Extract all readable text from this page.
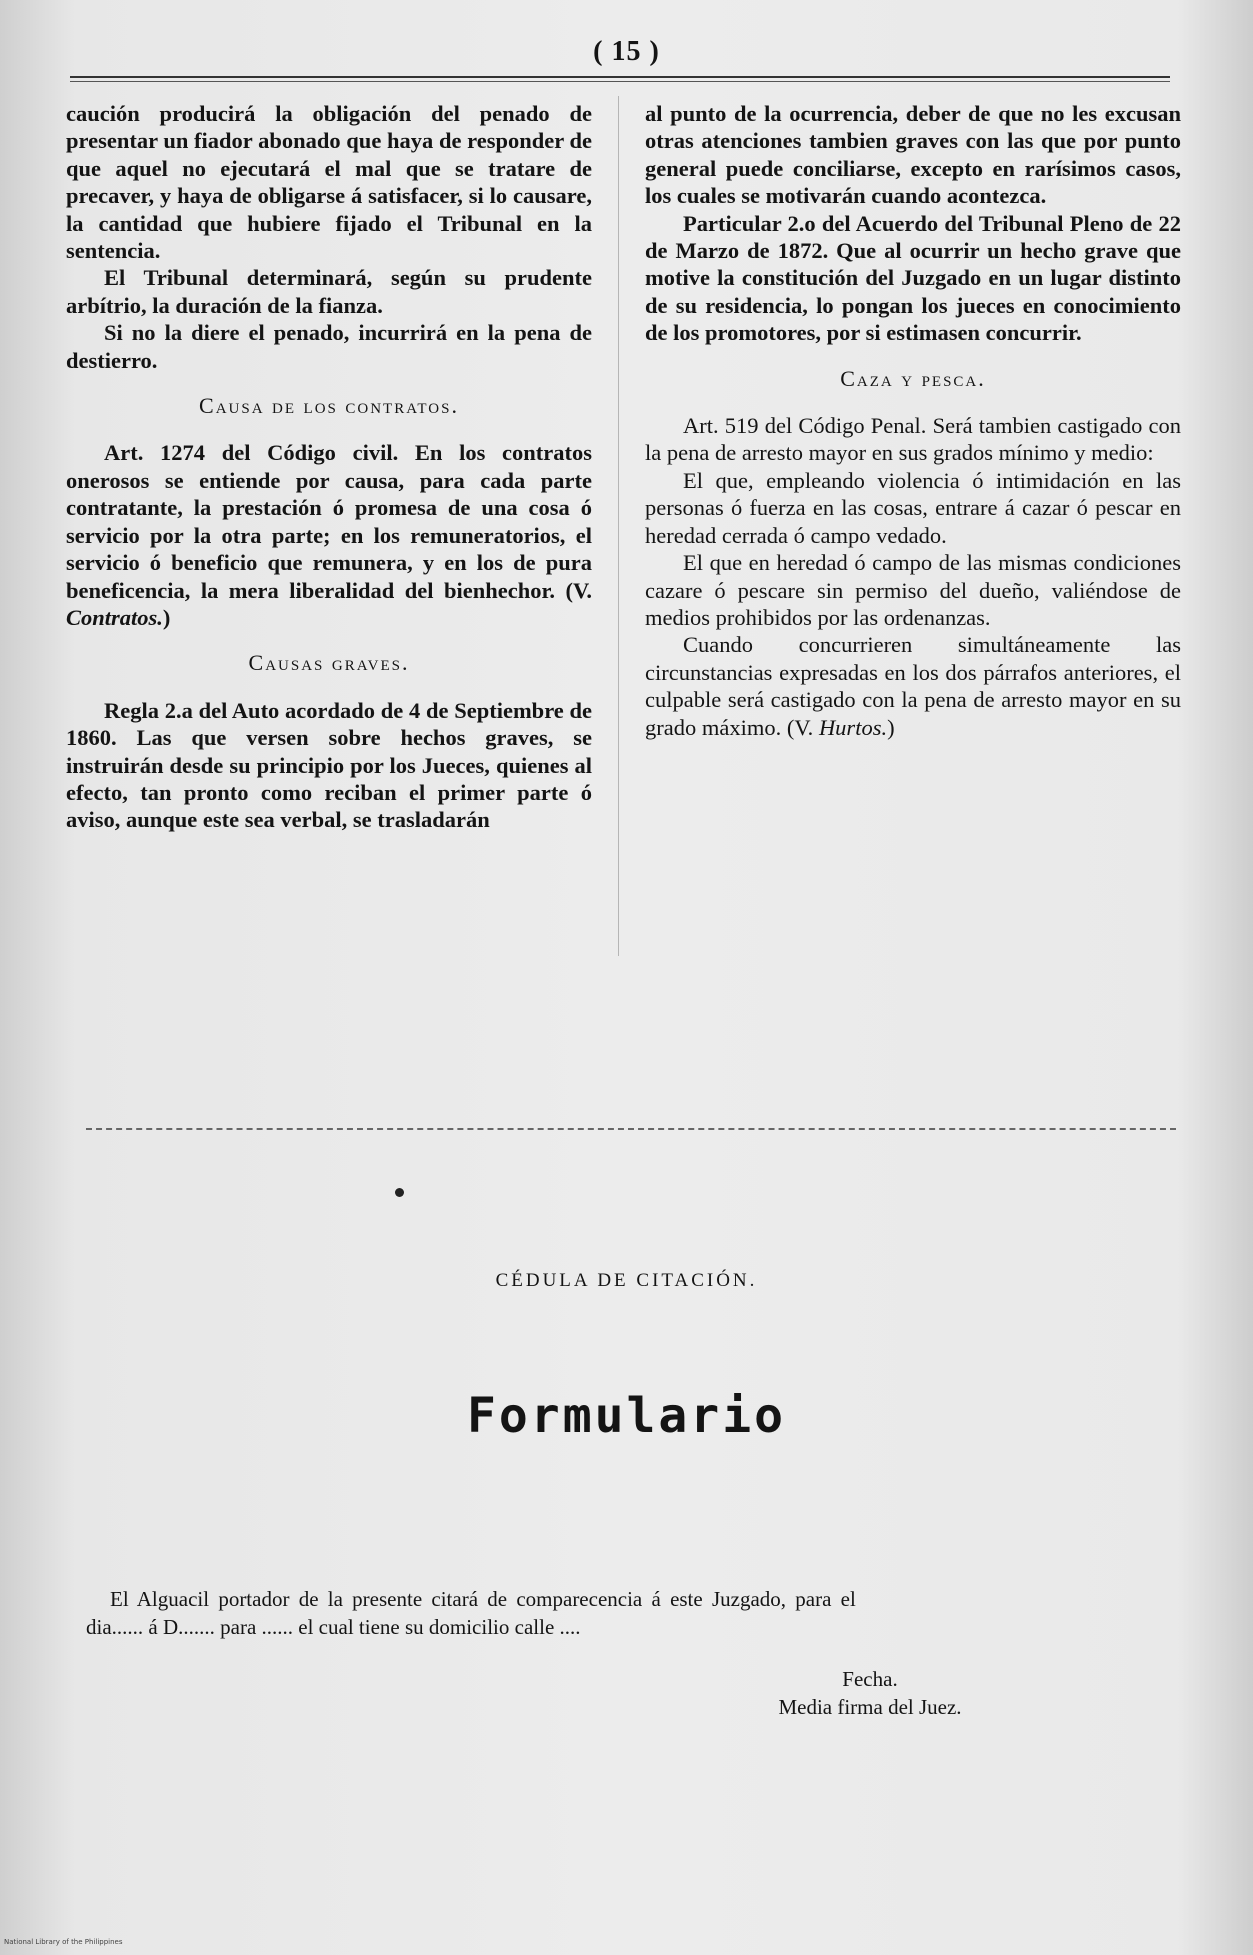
( 15 )

caución producirá la obligación del penado de presentar un fiador abonado que haya de responder de que aquel no ejecutará el mal que se tratare de precaver, y haya de obligarse á satisfacer, si lo causare, la cantidad que hubiere fijado el Tribunal en la sentencia.

El Tribunal determinará, según su prudente arbítrio, la duración de la fianza.

Si no la diere el penado, incurrirá en la pena de destierro.

Causa de los contratos.

Art. 1274 del Código civil. En los contratos onerosos se entiende por causa, para cada parte contratante, la prestación ó promesa de una cosa ó servicio por la otra parte; en los remuneratorios, el servicio ó beneficio que remunera, y en los de pura beneficencia, la mera liberalidad del bienhechor. (V. Contratos.)

Causas graves.

Regla 2.a del Auto acordado de 4 de Septiembre de 1860. Las que versen sobre hechos graves, se instruirán desde su principio por los Jueces, quienes al efecto, tan pronto como reciban el primer parte ó aviso, aunque este sea verbal, se trasladarán

al punto de la ocurrencia, deber de que no les excusan otras atenciones tambien graves con las que por punto general puede conciliarse, excepto en rarísimos casos, los cuales se motivarán cuando acontezca.

Particular 2.o del Acuerdo del Tribunal Pleno de 22 de Marzo de 1872. Que al ocurrir un hecho grave que motive la constitución del Juzgado en un lugar distinto de su residencia, lo pongan los jueces en conocimiento de los promotores, por si estimasen concurrir.

Caza y pesca.

Art. 519 del Código Penal. Será tambien castigado con la pena de arresto mayor en sus grados mínimo y medio:

El que, empleando violencia ó intimidación en las personas ó fuerza en las cosas, entrare á cazar ó pescar en heredad cerrada ó campo vedado.

El que en heredad ó campo de las mismas condiciones cazare ó pescare sin permiso del dueño, valiéndose de medios prohibidos por las ordenanzas.

Cuando concurrieren simultáneamente las circunstancias expresadas en los dos párrafos anteriores, el culpable será castigado con la pena de arresto mayor en su grado máximo. (V. Hurtos.)

CÉDULA DE CITACIÓN.
Formulario
El Alguacil portador de la presente citará de comparecencia á este Juzgado, para el
dia...... á D....... para ...... el cual tiene su domicilio calle ....
Fecha.
Media firma del Juez.
National Library of the Philippines
